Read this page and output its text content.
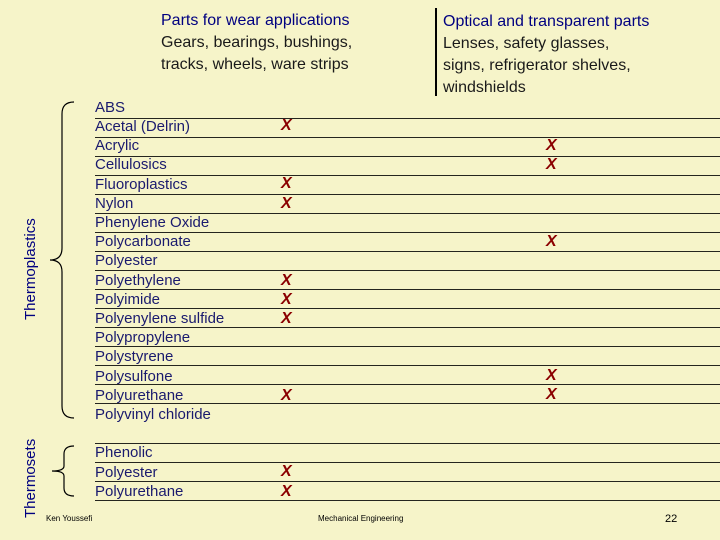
Parts for wear applications
Gears, bearings, bushings,
tracks, wheels, ware strips
Optical and transparent parts
Lenses, safety glasses,
signs, refrigerator shelves,
windshields
Thermoplastics
Thermosets
ABS
Acetal (Delrin)
Acrylic
Cellulosics
Fluoroplastics
Nylon
Phenylene Oxide
Polycarbonate
Polyester
Polyethylene
Polyimide
Polyenylene sulfide
Polypropylene
Polystyrene
Polysulfone
Polyurethane
Polyvinyl chloride
Phenolic
Polyester
Polyurethane
X
X
X
X
X
X
X
X
X
X
X
X
X
X
Ken Youssefi	Mechanical Engineering	22
